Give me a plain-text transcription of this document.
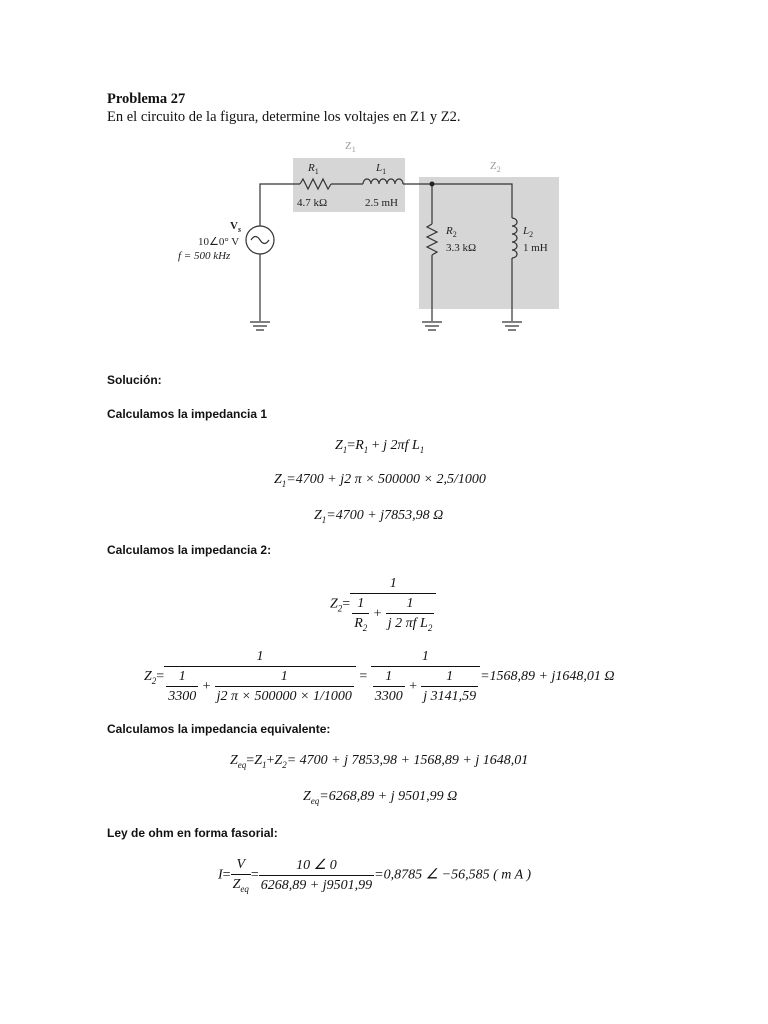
Problema 27
En el circuito de la figura, determine los voltajes en Z1 y Z2.
$Z_1$
$Z_2$
$R_1$
4.7 kΩ
$L_1$
2.5 mH
$V_s$
10∠0° V
f = 500 kHz
$R_2$
3.3 kΩ
$L_2$
1 mH
Solución:
Calculamos la impedancia 1
$Z_1=R_1 + j$ 2πf $L_1$
$Z_1=4700 + j2$ π × 500000 × 2,5/1000
$Z_1=4700 + j7853,98$ Ω
Calculamos la impedancia 2:
$Z_2= \frac{1}{\frac{1}{R_2} + \frac{1}{j 2 \pi f L_2}}$
$Z_2= \frac{1}{\frac{1}{3300} + \frac{1}{j2 \pi \times 500000 \times 1/1000}} = \frac{1}{\frac{1}{3300} + \frac{1}{j 3141,59}} =1568,89 + j1648,01$ Ω
Calculamos la impedancia equivalente:
$Z_{eq}=Z_1+Z_2= 4700 + j$ 7853,98 + 1568,89 + j 1648,01
$Z_{eq}=6268,89 + j$ 9501,99 Ω
Ley de ohm en forma fasorial:
$I= \frac{V}{Z_{eq}} = \frac{10 \angle 0}{6268,89 + j9501,99} =0,8785$ ∠ −56,585 ( m A )
